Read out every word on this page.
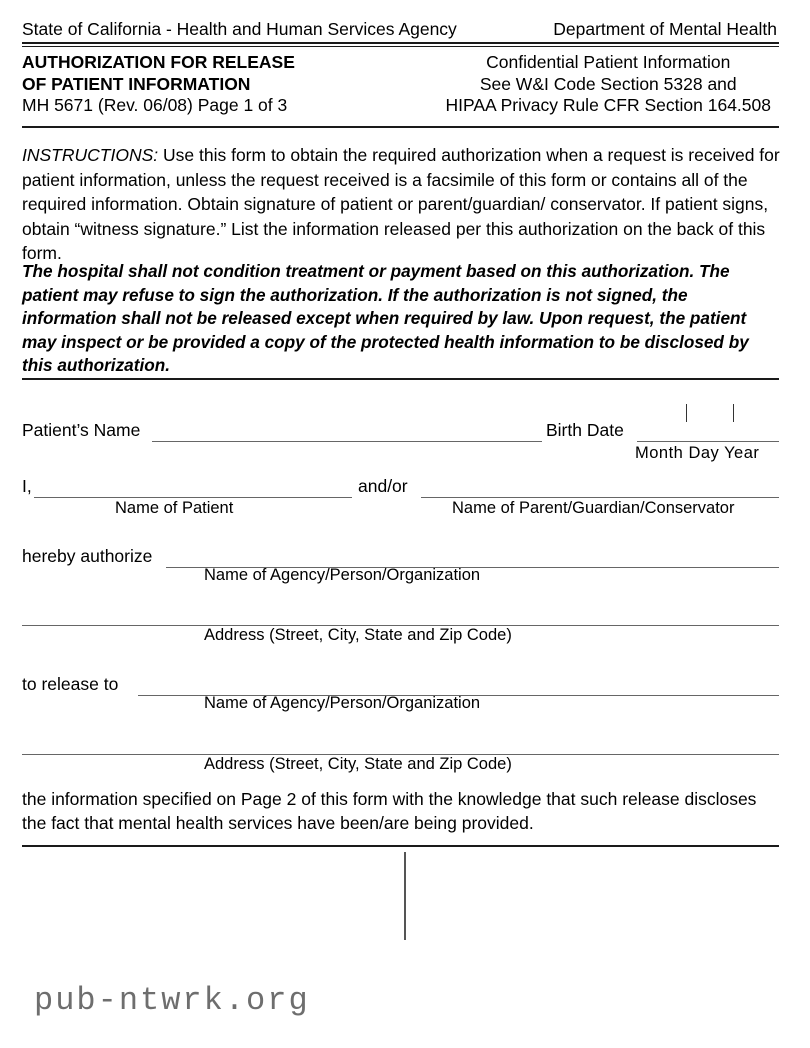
State of California - Health and Human Services Agency	Department of Mental Health
AUTHORIZATION FOR RELEASE
OF PATIENT INFORMATION
MH 5671 (Rev. 06/08) Page 1 of 3
Confidential Patient Information
See W&I Code Section 5328 and
HIPAA Privacy Rule CFR Section 164.508
INSTRUCTIONS: Use this form to obtain the required authorization when a request is received for patient information, unless the request received is a facsimile of this form or contains all of the required information. Obtain signature of patient or parent/guardian/ conservator. If patient signs, obtain “witness signature.” List the information released per this authorization on the back of this form.
The hospital shall not condition treatment or payment based on this authorization. The patient may refuse to sign the authorization. If the authorization is not signed, the information shall not be released except when required by law. Upon request, the patient may inspect or be provided a copy of the protected health information to be disclosed by this authorization.
Patient’s Name	Birth Date
Month Day Year
I,	and/or
Name of Patient	Name of Parent/Guardian/Conservator
hereby authorize
Name of Agency/Person/Organization
Address (Street, City, State and Zip Code)
to release to
Name of Agency/Person/Organization
Address (Street, City, State and Zip Code)
the information specified on Page 2 of this form with the knowledge that such release discloses the fact that mental health services have been/are being provided.
pub-ntwrk.org
